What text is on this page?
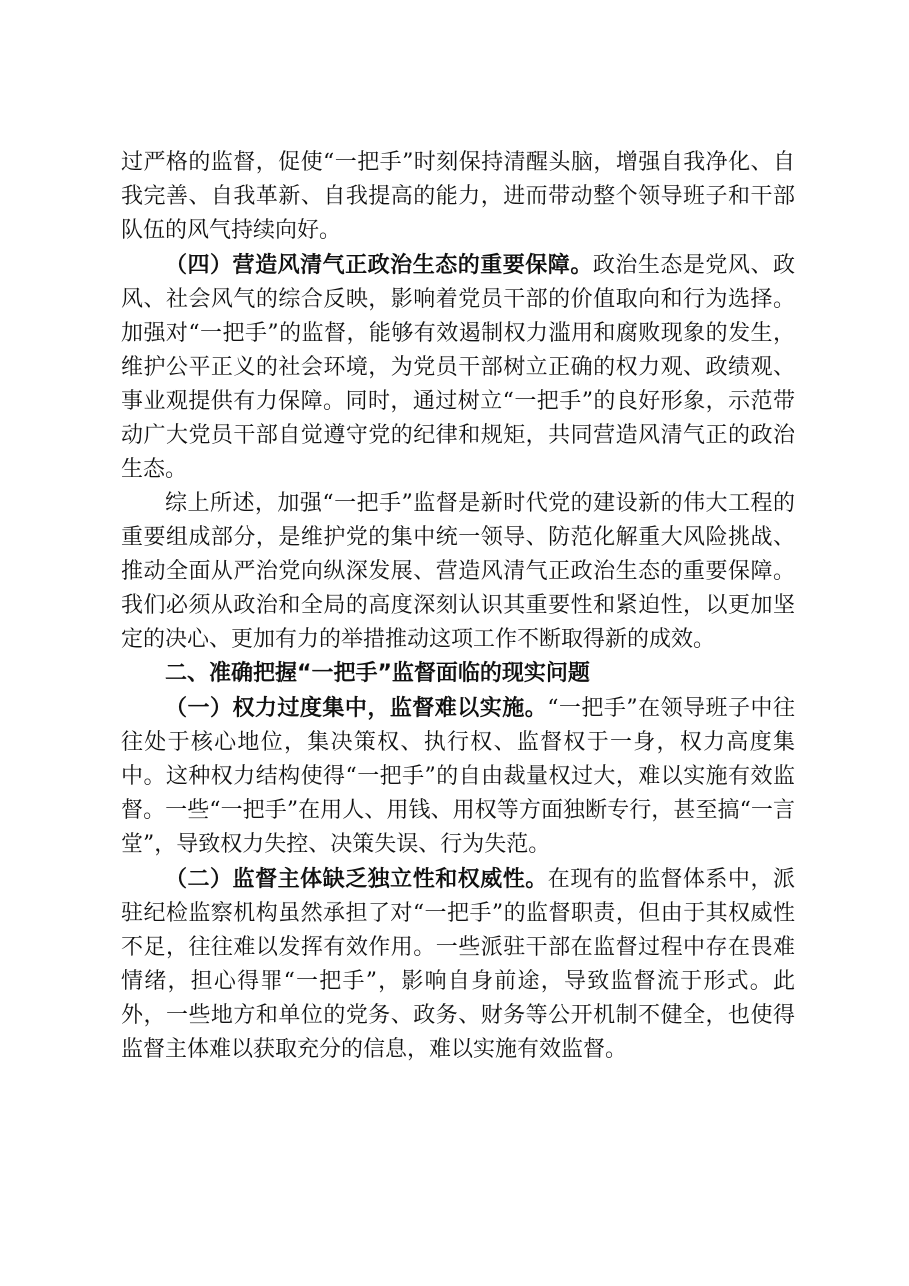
过严格的监督，促使“一把手”时刻保持清醒头脑，增强自我净化、自我完善、自我革新、自我提高的能力，进而带动整个领导班子和干部队伍的风气持续向好。

（四）营造风清气正政治生态的重要保障。政治生态是党风、政风、社会风气的综合反映，影响着党员干部的价值取向和行为选择。加强对“一把手”的监督，能够有效遏制权力滥用和腐败现象的发生，维护公平正义的社会环境，为党员干部树立正确的权力观、政绩观、事业观提供有力保障。同时，通过树立“一把手”的良好形象，示范带动广大党员干部自觉遵守党的纪律和规矩，共同营造风清气正的政治生态。

综上所述，加强“一把手”监督是新时代党的建设新的伟大工程的重要组成部分，是维护党的集中统一领导、防范化解重大风险挑战、推动全面从严治党向纵深发展、营造风清气正政治生态的重要保障。我们必须从政治和全局的高度深刻认识其重要性和紧迫性，以更加坚定的决心、更加有力的举措推动这项工作不断取得新的成效。

二、准确把握“一把手”监督面临的现实问题

（一）权力过度集中，监督难以实施。“一把手”在领导班子中往往处于核心地位，集决策权、执行权、监督权于一身，权力高度集中。这种权力结构使得“一把手”的自由裁量权过大，难以实施有效监督。一些“一把手”在用人、用钱、用权等方面独断专行，甚至搞“一言堂”，导致权力失控、决策失误、行为失范。

（二）监督主体缺乏独立性和权威性。在现有的监督体系中，派驻纪检监察机构虽然承担了对“一把手”的监督职责，但由于其权威性不足，往往难以发挥有效作用。一些派驻干部在监督过程中存在畏难情绪，担心得罪“一把手”，影响自身前途，导致监督流于形式。此外，一些地方和单位的党务、政务、财务等公开机制不健全，也使得监督主体难以获取充分的信息，难以实施有效监督。
